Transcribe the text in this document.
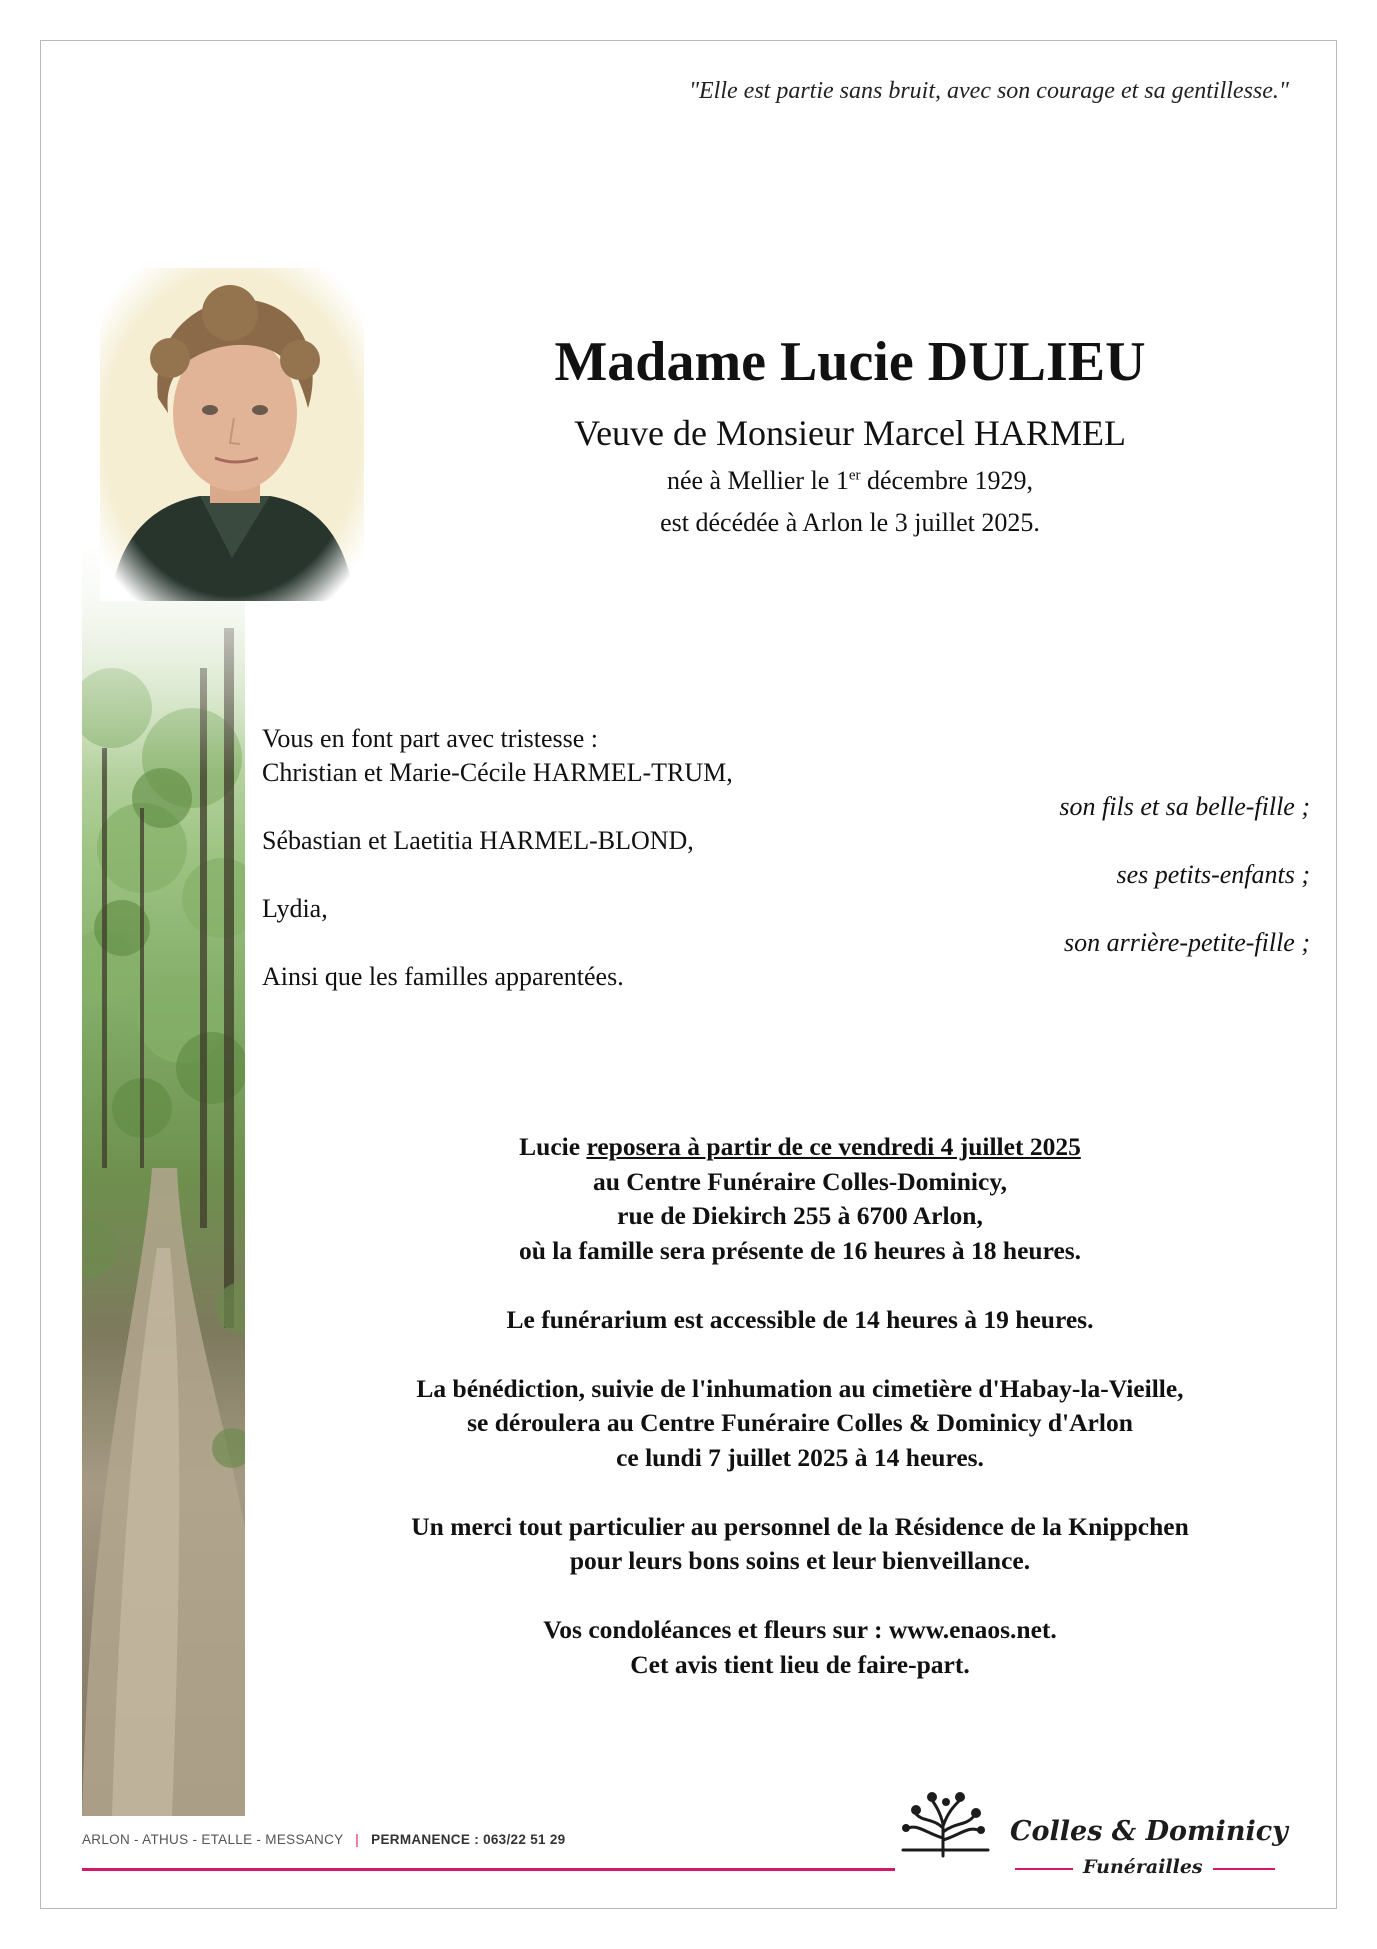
"Elle est partie sans bruit, avec son courage et sa gentillesse."
Madame Lucie DULIEU
Veuve de Monsieur Marcel HARMEL
née à Mellier le 1er décembre 1929,
est décédée à Arlon le 3 juillet 2025.
Vous en font part avec tristesse :
Christian et Marie-Cécile HARMEL-TRUM,
son fils et sa belle-fille ;
Sébastian et Laetitia HARMEL-BLOND,
ses petits-enfants ;
Lydia,
son arrière-petite-fille ;
Ainsi que les familles apparentées.
Lucie reposera à partir de ce vendredi 4 juillet 2025
au Centre Funéraire Colles-Dominicy,
rue de Diekirch 255 à 6700 Arlon,
où la famille sera présente de 16 heures à 18 heures.
Le funérarium est accessible de 14 heures à 19 heures.
La bénédiction, suivie de l'inhumation au cimetière d'Habay-la-Vieille,
se déroulera au Centre Funéraire Colles & Dominicy d'Arlon
ce lundi 7 juillet 2025 à 14 heures.
Un merci tout particulier au personnel de la Résidence de la Knippchen
pour leurs bons soins et leur bienveillance.
Vos condoléances et fleurs sur : www.enaos.net.
Cet avis tient lieu de faire-part.
ARLON - ATHUS - ETALLE - MESSANCY | PERMANENCE : 063/22 51 29	Colles & Dominicy
Funérailles
